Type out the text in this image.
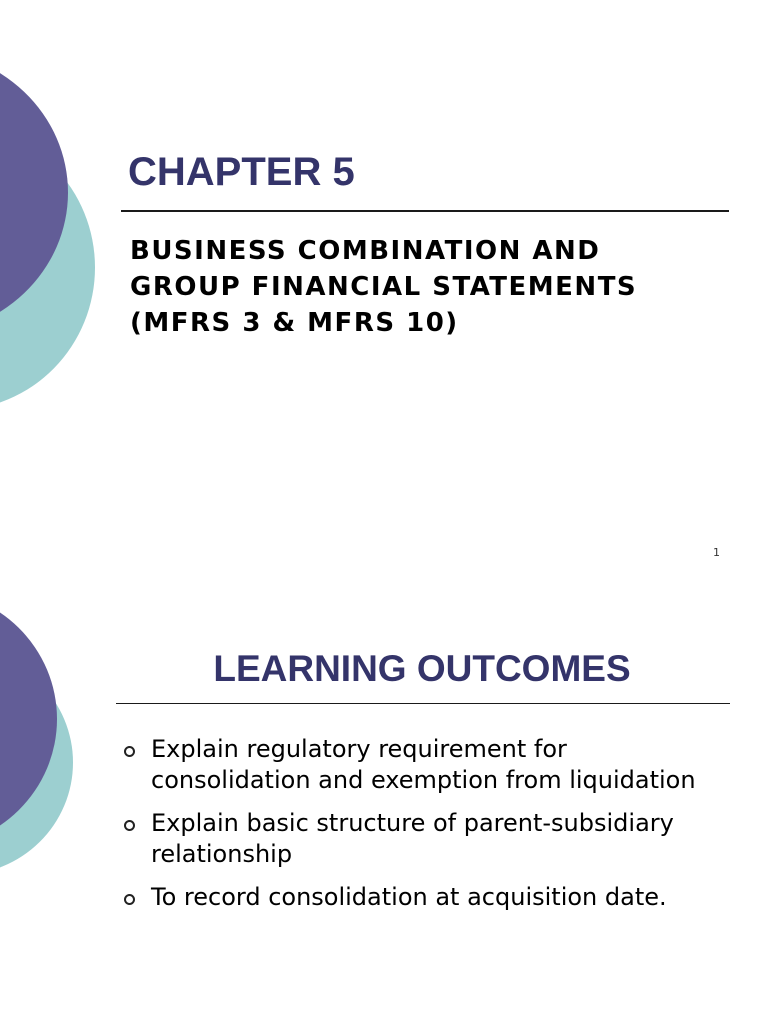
CHAPTER 5
BUSINESS COMBINATION AND
GROUP FINANCIAL STATEMENTS
(MFRS 3 & MFRS 10)
1
LEARNING OUTCOMES
Explain regulatory requirement for consolidation and exemption from liquidation
Explain basic structure of parent-subsidiary relationship
To record consolidation at acquisition date.
